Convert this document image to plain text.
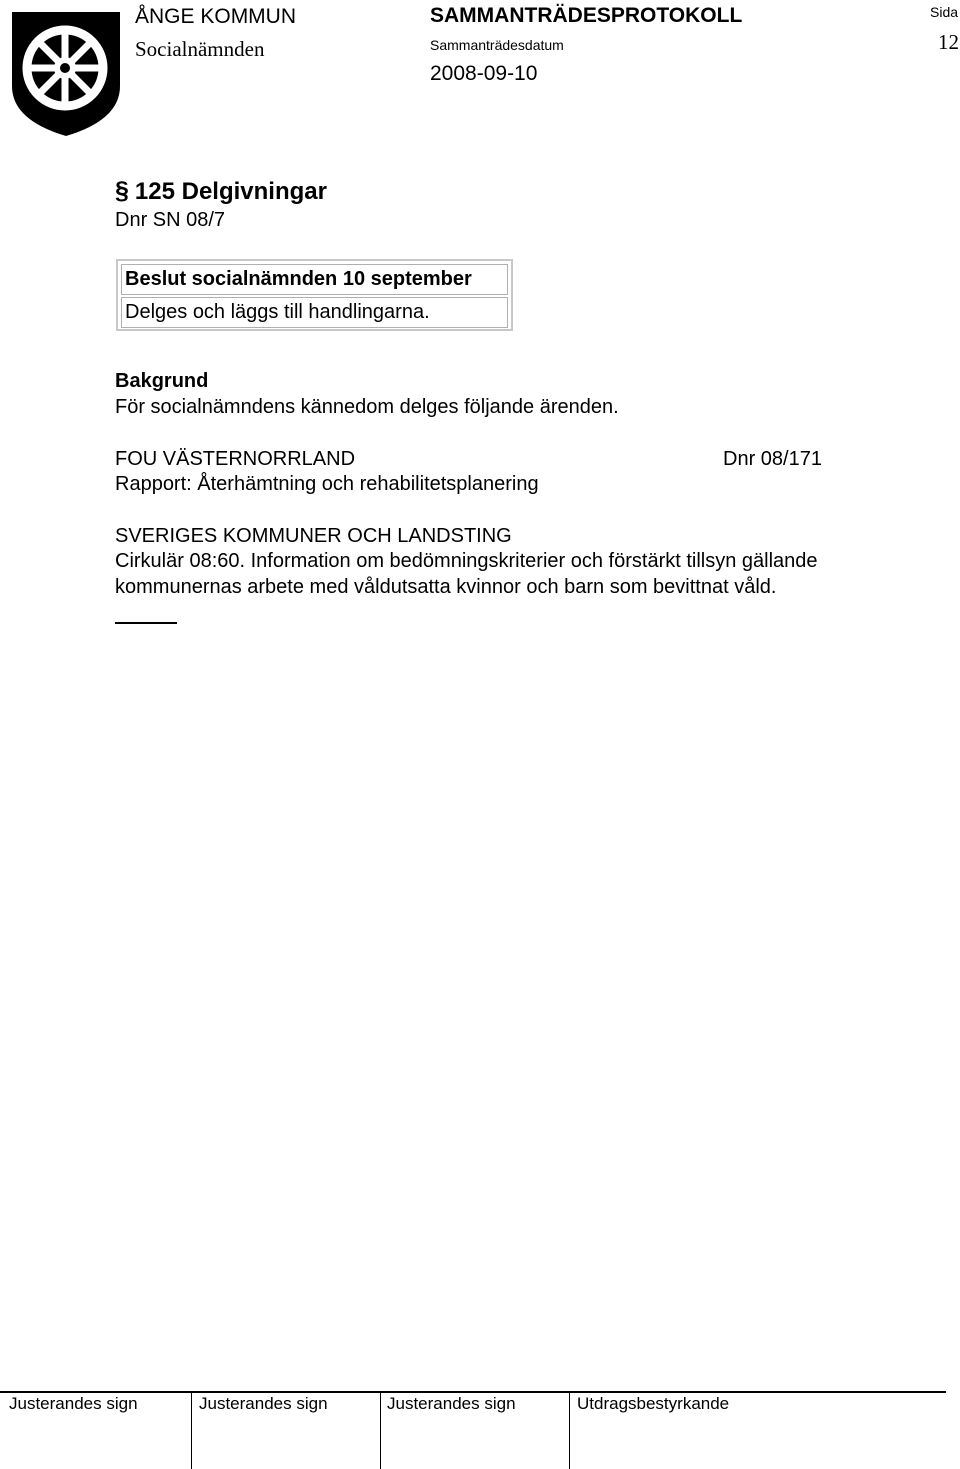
ÅNGE KOMMUN
Socialnämnden
SAMMANTRÄDESPROTOKOLL
Sammanträdesdatum
2008-09-10
Sida
12
§ 125 Delgivningar
Dnr SN 08/7
Beslut socialnämnden 10 september
Delges och läggs till handlingarna.
Bakgrund
För socialnämndens kännedom delges följande ärenden.
FOU VÄSTERNORRLAND	Dnr 08/171
Rapport: Återhämtning och rehabilitetsplanering
SVERIGES KOMMUNER OCH LANDSTING
Cirkulär 08:60. Information om bedömningskriterier och förstärkt tillsyn gällande
kommunernas arbete med våldutsatta kvinnor och barn som bevittnat våld.
Justerandes sign	Justerandes sign	Justerandes sign	Utdragsbestyrkande
